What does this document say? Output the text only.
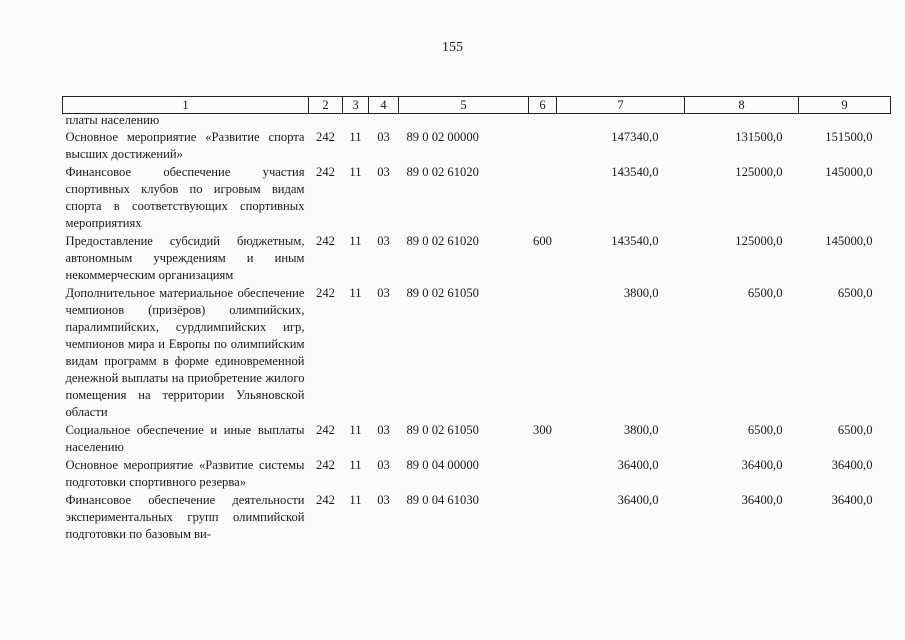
155
1	2	3	4	5	6	7	8	9
платы населению								
Основное мероприятие «Развитие спорта высших достижений»	242	11	03	89 0 02 00000		147340,0	131500,0	151500,0
Финансовое обеспечение участия спортивных клубов по игровым видам спорта в соответствующих спортивных мероприятиях	242	11	03	89 0 02 61020		143540,0	125000,0	145000,0
Предоставление субсидий бюджетным, автономным учреждениям и иным некоммерческим организациям	242	11	03	89 0 02 61020	600	143540,0	125000,0	145000,0
Дополнительное материальное обеспечение чемпионов (призёров) олимпийских, паралимпийских, сурдлимпийских игр, чемпионов мира и Европы по олимпийским видам программ в форме единовременной денежной выплаты на приобретение жилого помещения на территории Ульяновской области	242	11	03	89 0 02 61050		3800,0	6500,0	6500,0
Социальное обеспечение и иные выплаты населению	242	11	03	89 0 02 61050	300	3800,0	6500,0	6500,0
Основное мероприятие «Развитие системы подготовки спортивного резерва»	242	11	03	89 0 04 00000		36400,0	36400,0	36400,0
Финансовое обеспечение деятельности экспериментальных групп олимпийской подготовки по базовым ви-	242	11	03	89 0 04 61030		36400,0	36400,0	36400,0
